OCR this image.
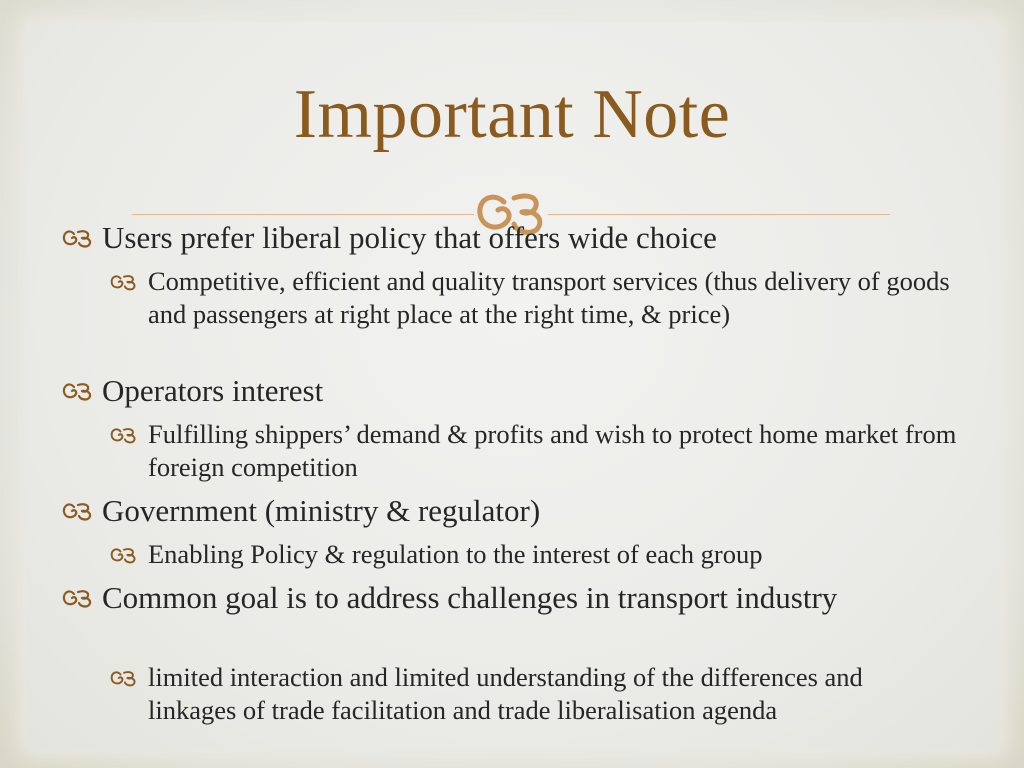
Important Note
Users prefer liberal policy that offers wide choice
Competitive, efficient and quality transport services (thus delivery of goods and passengers at right place at the right time, & price)
Operators interest
Fulfilling shippers’ demand & profits and wish to protect home market from foreign competition
Government (ministry & regulator)
Enabling Policy & regulation to the interest of each group
Common goal is to address challenges in transport industry
limited interaction and limited understanding of the differences and linkages of trade facilitation and trade liberalisation agenda
